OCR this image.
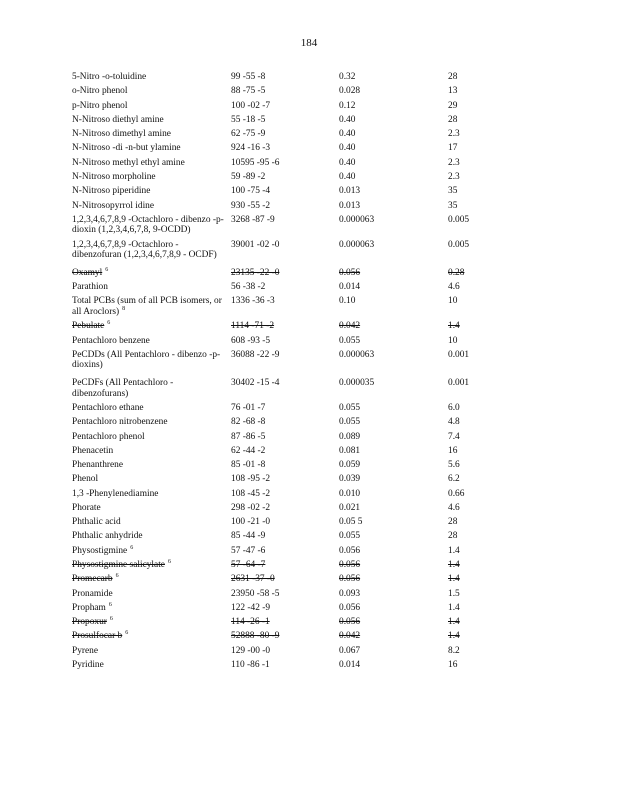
184
5-Nitro -o-toluidine	99 -55 -8	0.32	28
o-Nitro phenol	88 -75 -5	0.028	13
p-Nitro phenol	100 -02 -7	0.12	29
N-Nitroso diethyl amine	55 -18 -5	0.40	28
N-Nitroso dimethyl amine	62 -75 -9	0.40	2.3
N-Nitroso -di -n-but ylamine	924 -16 -3	0.40	17
N-Nitroso methyl ethyl amine	10595 -95 -6	0.40	2.3
N-Nitroso morpholine	59 -89 -2	0.40	2.3
N-Nitroso piperidine	100 -75 -4	0.013	35
N-Nitrosopyrrol idine	930 -55 -2	0.013	35
1,2,3,4,6,7,8,9 -Octachloro - dibenzo -p-dioxin (1,2,3,4,6,7,8, 9-OCDD)	3268 -87 -9	0.000063	0.005
1,2,3,4,6,7,8,9 -Octachloro - dibenzofuran (1,2,3,4,6,7,8,9 - OCDF)	39001 -02 -0	0.000063	0.005
Oxamyl $^6$	23135 -22 -0	0.056	0.28
Parathion	56 -38 -2	0.014	4.6
Total PCBs (sum of all PCB isomers, or all Aroclors) $^8$	1336 -36 -3	0.10	10
Pebulate $^6$	1114 -71 -2	0.042	1.4
Pentachloro benzene	608 -93 -5	0.055	10
PeCDDs (All Pentachloro - dibenzo -p-dioxins)	36088 -22 -9	0.000063	0.001
PeCDFs (All Pentachloro - dibenzofurans)	30402 -15 -4	0.000035	0.001
Pentachloro ethane	76 -01 -7	0.055	6.0
Pentachloro nitrobenzene	82 -68 -8	0.055	4.8
Pentachloro phenol	87 -86 -5	0.089	7.4
Phenacetin	62 -44 -2	0.081	16
Phenanthrene	85 -01 -8	0.059	5.6
Phenol	108 -95 -2	0.039	6.2
1,3 -Phenylenediamine	108 -45 -2	0.010	0.66
Phorate	298 -02 -2	0.021	4.6
Phthalic acid	100 -21 -0	0.05 5	28
Phthalic anhydride	85 -44 -9	0.055	28
Physostigmine $^6$	57 -47 -6	0.056	1.4
Physostigmine salicylate $^6$	57 -64 -7	0.056	1.4
Promecarb $^6$	2631 -37 -0	0.056	1.4
Pronamide	23950 -58 -5	0.093	1.5
Propham $^6$	122 -42 -9	0.056	1.4
Propoxur $^6$	114 -26 -1	0.056	1.4
Prosulfocar b $^6$	52888 -80 -9	0.042	1.4
Pyrene	129 -00 -0	0.067	8.2
Pyridine	110 -86 -1	0.014	16
